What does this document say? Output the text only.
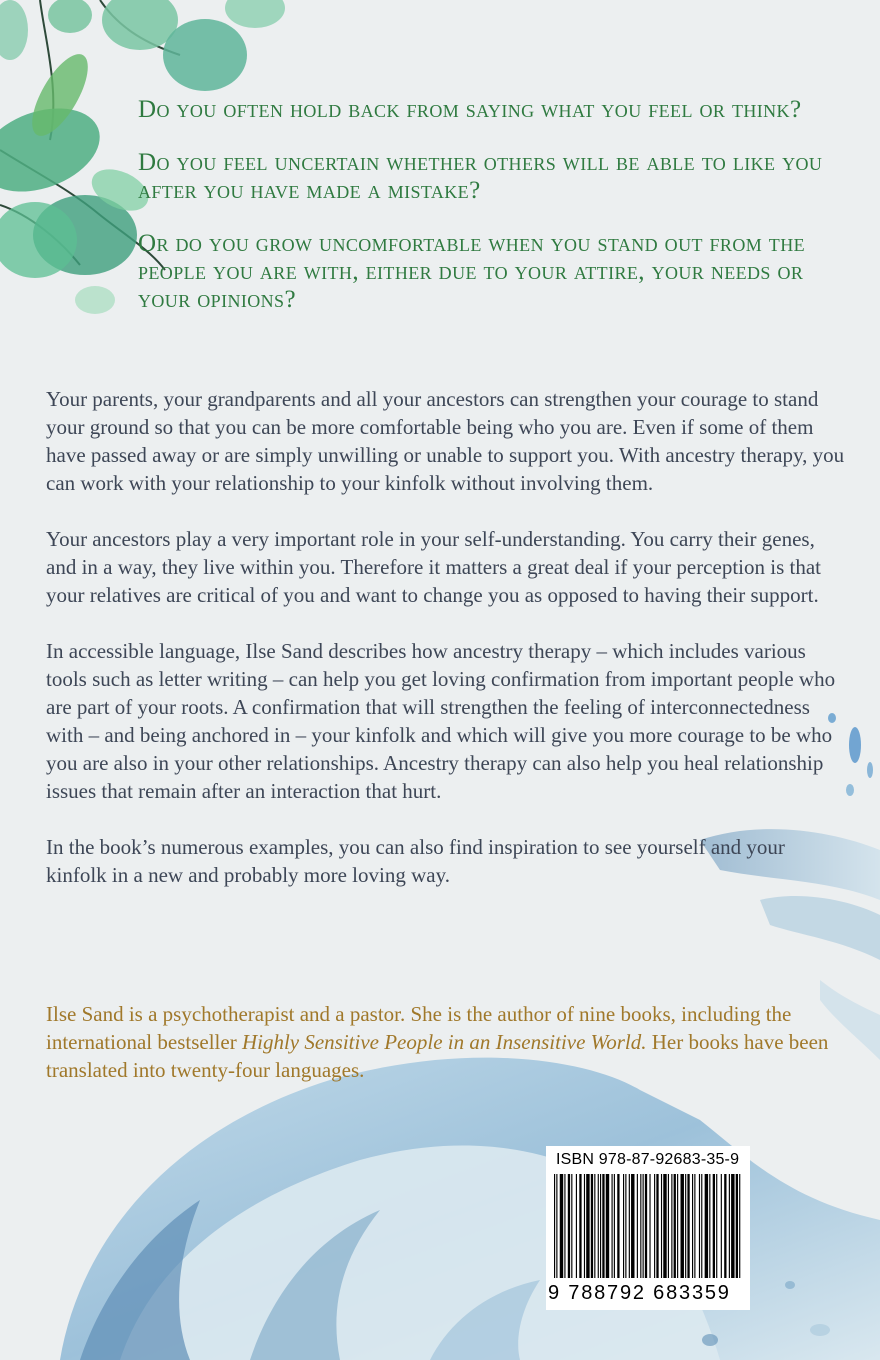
Do you often hold back from saying what you feel or think?

Do you feel uncertain whether others will be able to like you after you have made a mistake?

Or do you grow uncomfortable when you stand out from the people you are with, either due to your attire, your needs or your opinions?

Your parents, your grandparents and all your ancestors can strengthen your courage to stand your ground so that you can be more comfortable being who you are. Even if some of them have passed away or are simply unwilling or unable to support you. With ancestry therapy, you can work with your relationship to your kinfolk without involving them.

Your ancestors play a very important role in your self-understanding. You carry their genes, and in a way, they live within you. Therefore it matters a great deal if your perception is that your relatives are critical of you and want to change you as opposed to having their support.

In accessible language, Ilse Sand describes how ancestry therapy – which includes various tools such as letter writing – can help you get loving confirmation from important people who are part of your roots. A confirmation that will strengthen the feeling of interconnectedness with – and being anchored in – your kinfolk and which will give you more courage to be who you are also in your other relationships. Ancestry therapy can also help you heal relationship issues that remain after an interaction that hurt.

In the book’s numerous examples, you can also find inspiration to see yourself and your kinfolk in a new and probably more loving way.

Ilse Sand is a psychotherapist and a pastor. She is the author of nine books, including the international bestseller Highly Sensitive People in an Insensitive World. Her books have been translated into twenty-four languages.
ISBN 978-87-92683-35-9
9 788792 683359
